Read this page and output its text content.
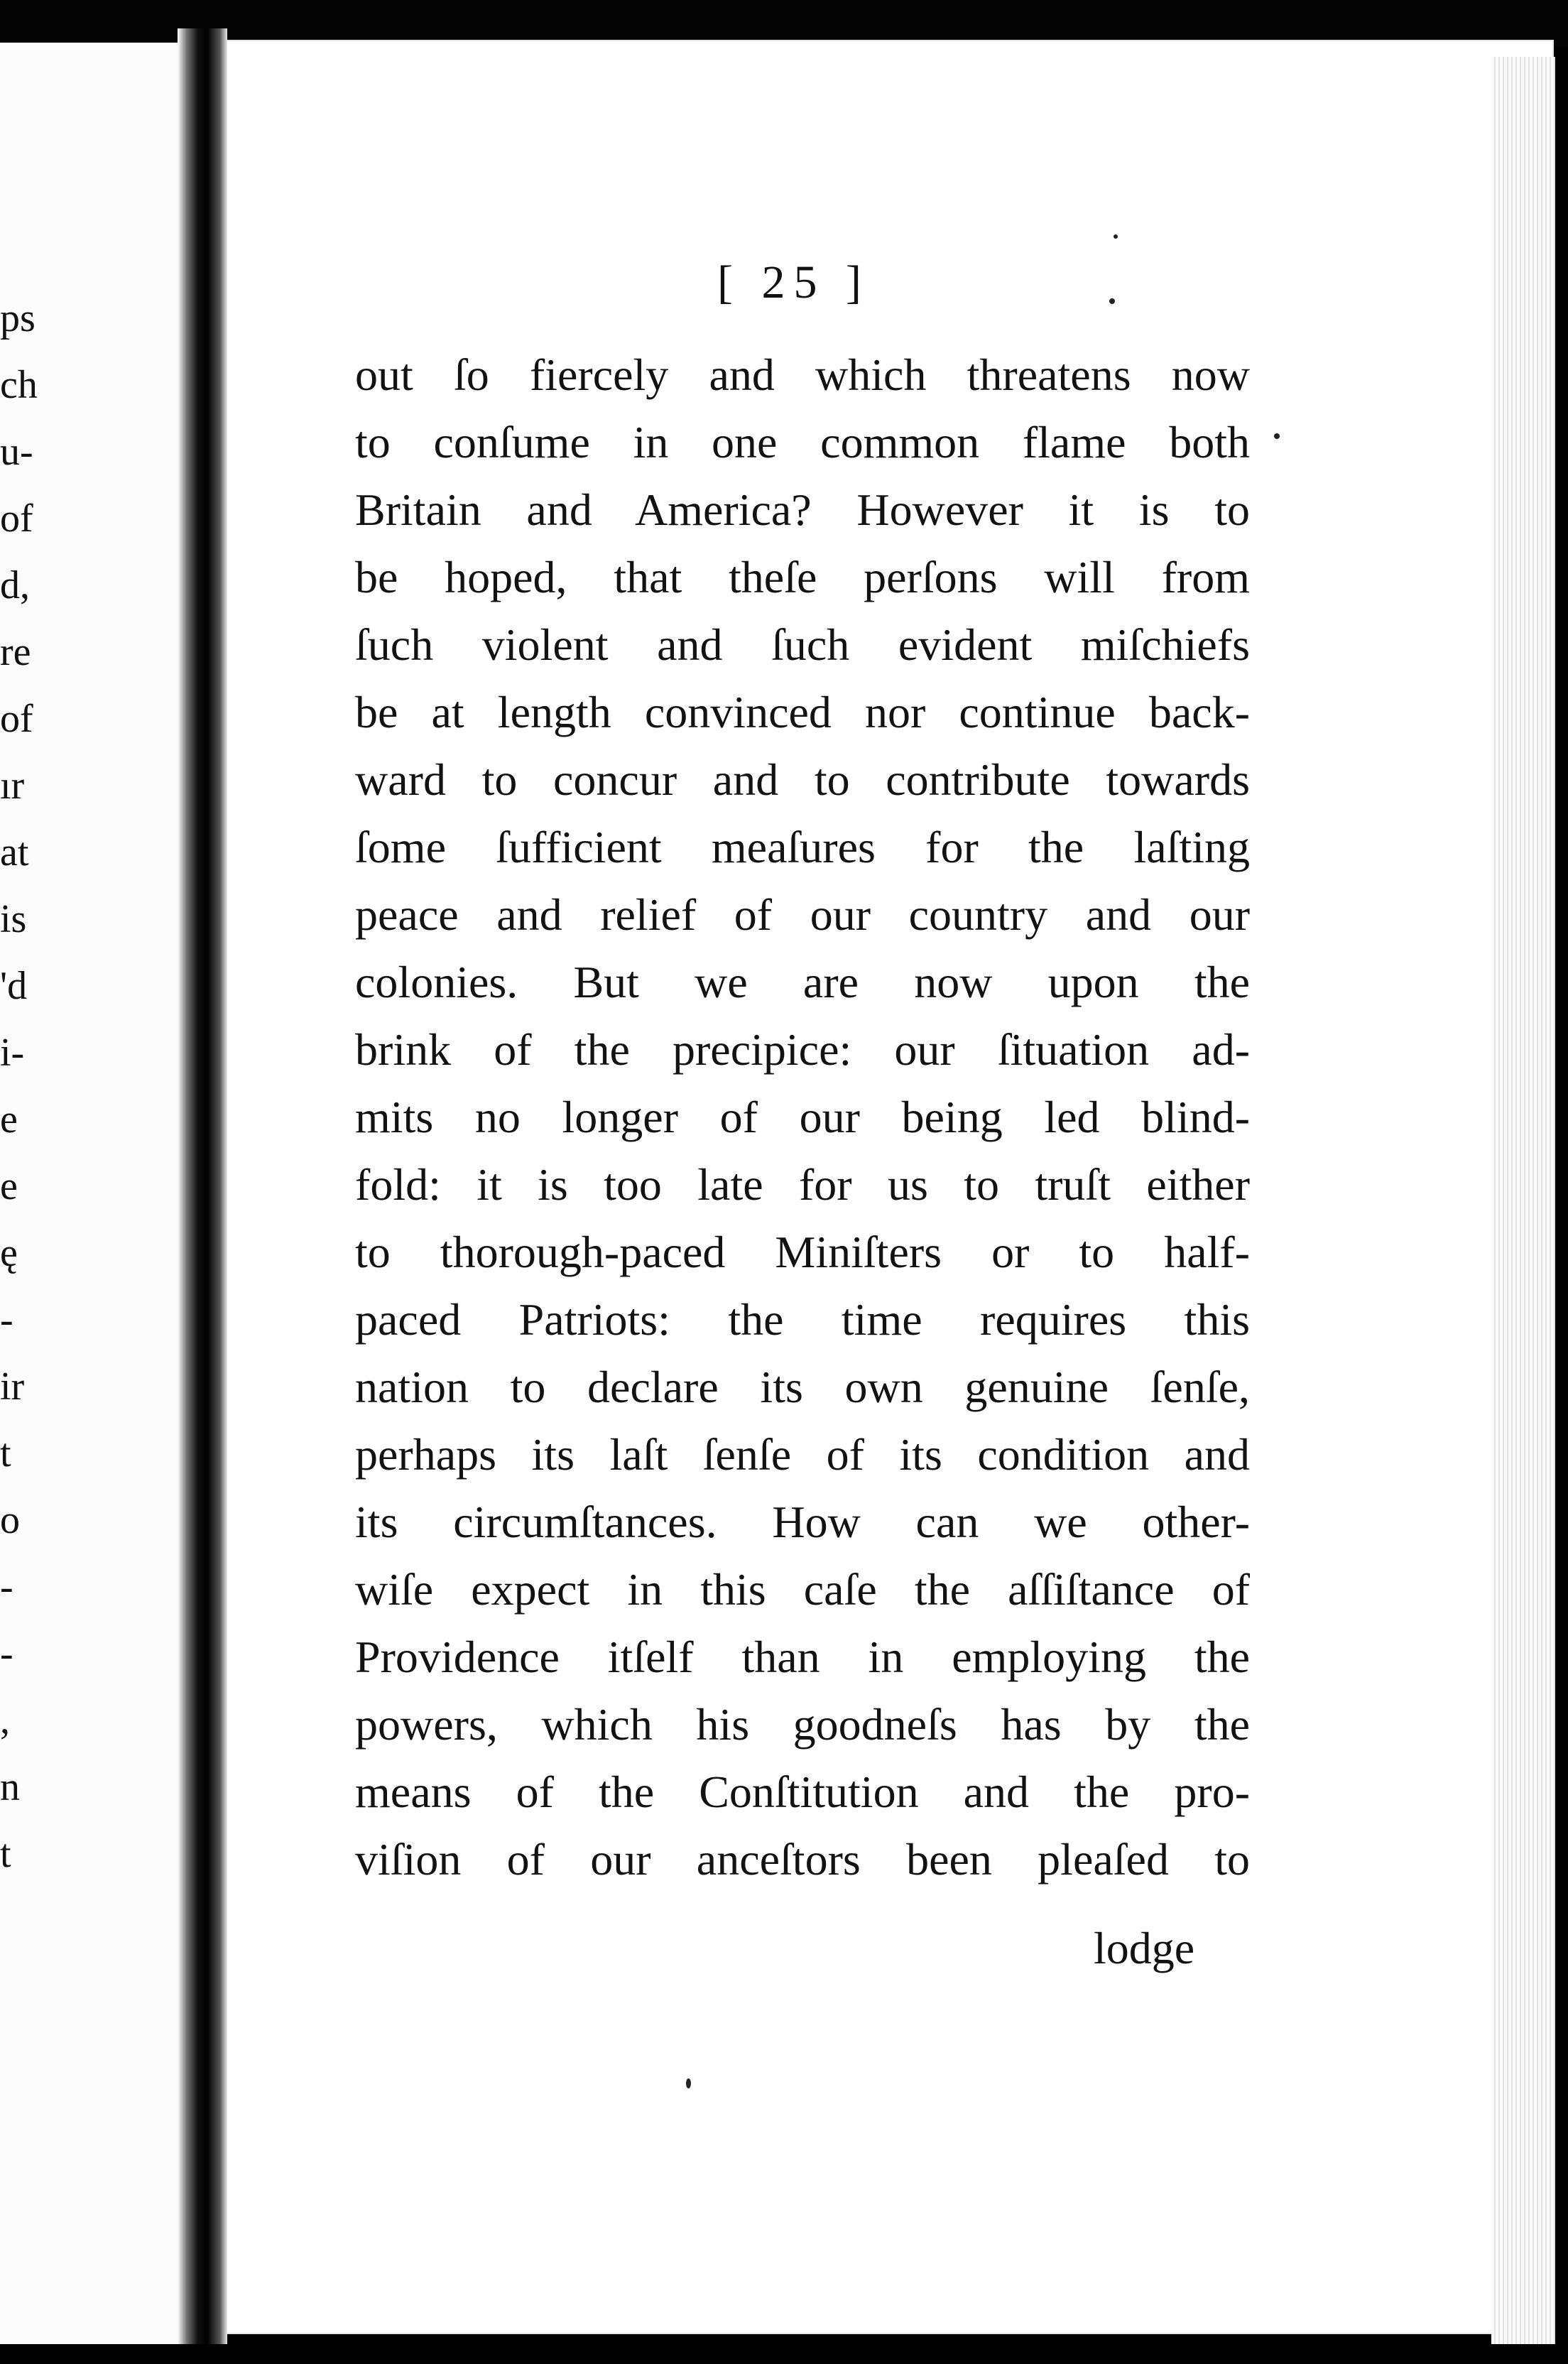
ps
ch
u-
of
d,
re
of
ır
at
is
'd
i-
e
e
ę
-
ir
t
o
-
-
,
n
t
[ 25 ]
out ſo fiercely and which threatens now
to conſume in one common flame both
Britain and America? However it is to
be hoped, that theſe perſons will from
ſuch violent and ſuch evident miſchiefs
be at length convinced nor continue back-
ward to concur and to contribute towards
ſome ſufficient meaſures for the laſting
peace and relief of our country and our
colonies. But we are now upon the
brink of the precipice: our ſituation ad-
mits no longer of our being led blind-
fold: it is too late for us to truſt either
to thorough-paced Miniſters or to half-
paced Patriots: the time requires this
nation to declare its own genuine ſenſe,
perhaps its laſt ſenſe of its condition and
its circumſtances. How can we other-
wiſe expect in this caſe the aſſiſtance of
Providence itſelf than in employing the
powers, which his goodneſs has by the
means of the Conſtitution and the pro-
viſion of our anceſtors been pleaſed to
lodge
